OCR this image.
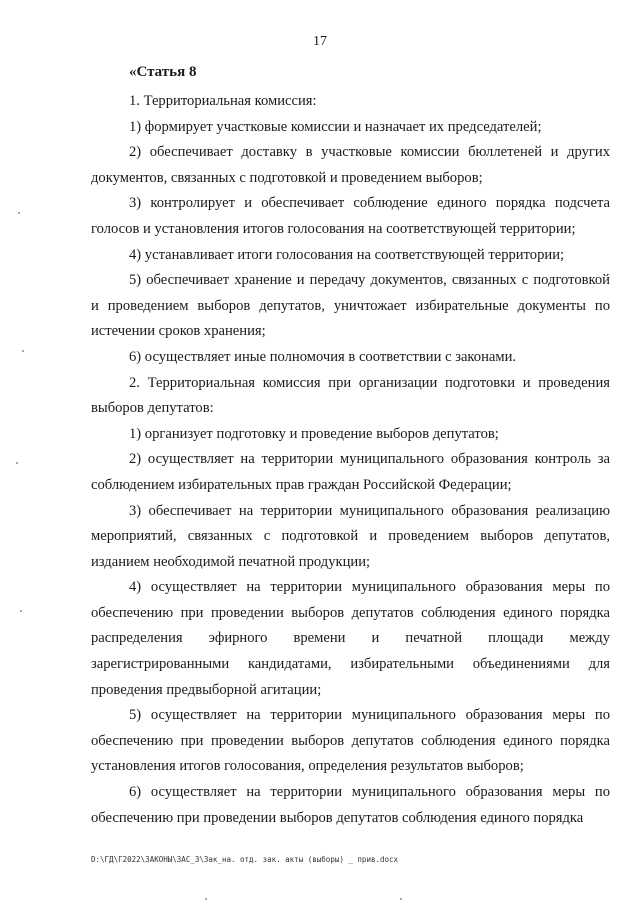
17
«Статья 8

1. Территориальная комиссия:

1) формирует участковые комиссии и назначает их председателей;

2) обеспечивает доставку в участковые комиссии бюллетеней и других документов, связанных с подготовкой и проведением выборов;

3) контролирует и обеспечивает соблюдение единого порядка подсчета голосов и установления итогов голосования на соответствующей территории;

4) устанавливает итоги голосования на соответствующей территории;

5) обеспечивает хранение и передачу документов, связанных с подготовкой и проведением выборов депутатов, уничтожает избирательные документы по истечении сроков хранения;

6) осуществляет иные полномочия в соответствии с законами.

2. Территориальная комиссия при организации подготовки и проведения выборов депутатов:

1) организует подготовку и проведение выборов депутатов;

2) осуществляет на территории муниципального образования контроль за соблюдением избирательных прав граждан Российской Федерации;

3) обеспечивает на территории муниципального образования реализацию мероприятий, связанных с подготовкой и проведением выборов депутатов, изданием необходимой печатной продукции;

4) осуществляет на территории муниципального образования меры по обеспечению при проведении выборов депутатов соблюдения единого порядка распределения эфирного времени и печатной площади между зарегистрированными кандидатами, избирательными объединениями для проведения предвыборной агитации;

5) осуществляет на территории муниципального образования меры по обеспечению при проведении выборов депутатов соблюдения единого порядка установления итогов голосования, определения результатов выборов;

6) осуществляет на территории муниципального образования меры по обеспечению при проведении выборов депутатов соблюдения единого порядка

D:\ГД\Г2022\ЗАКОНЫ\ЗАС_3\Зак_на. отд. зак. акты (выборы) _ прив.docx
